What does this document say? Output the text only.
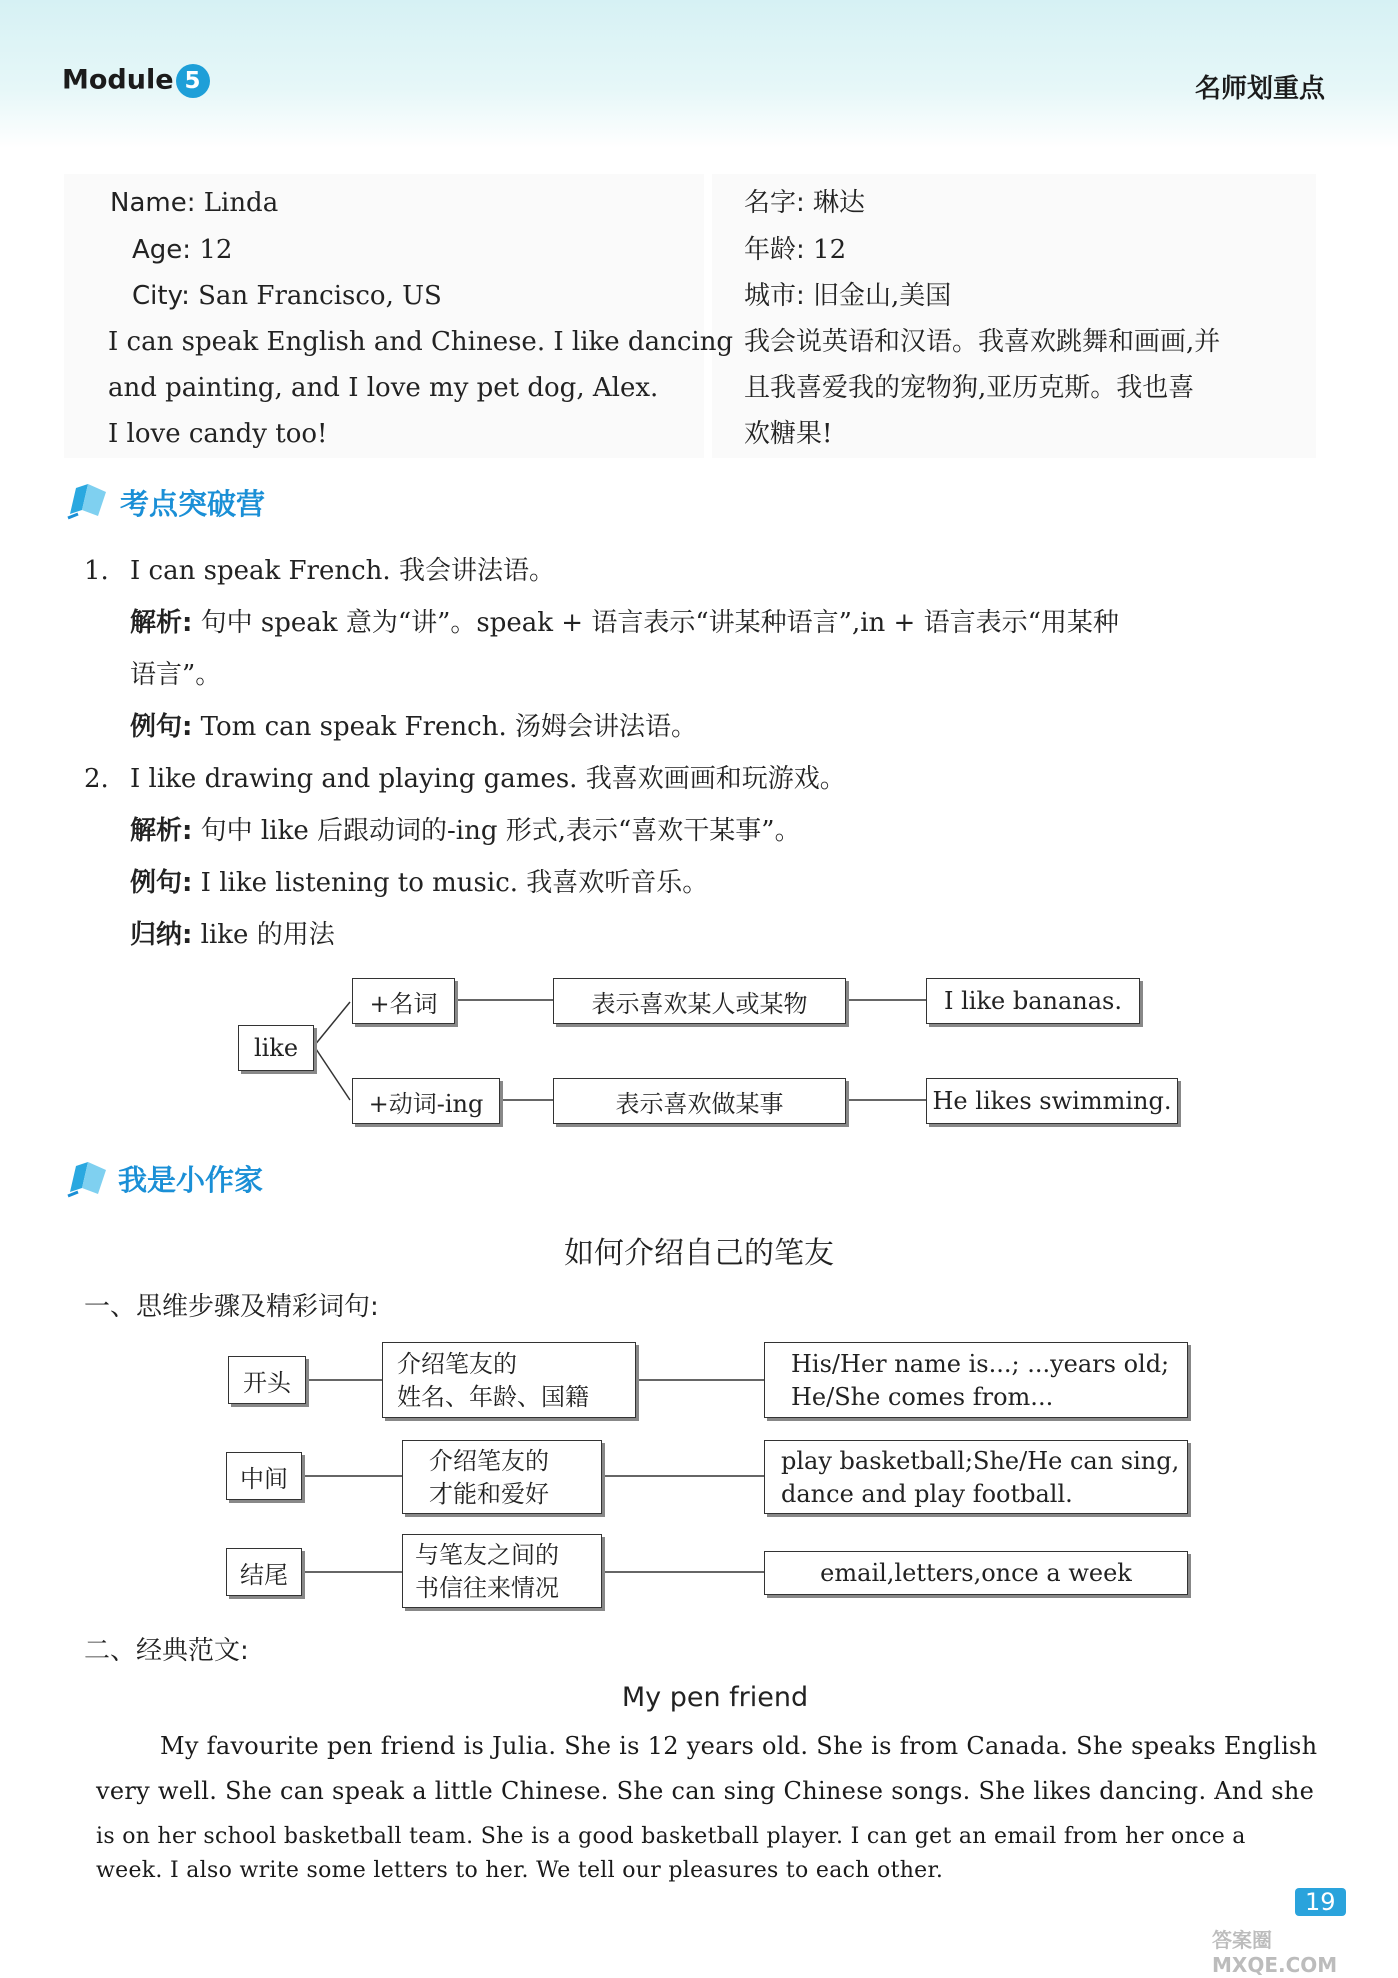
Module 5	名师划重点
Name: Linda
Age: 12
City: San Francisco, US
I can speak English and Chinese. I like dancing
and painting, and I love my pet dog, Alex.
I love candy too!
名字: 琳达
年龄: 12
城市: 旧金山,美国
我会说英语和汉语。我喜欢跳舞和画画,并
且我喜爱我的宠物狗,亚历克斯。我也喜
欢糖果!
考点突破营
1. I can speak French. 我会讲法语。
解析: 句中 speak 意为“讲”。speak + 语言表示“讲某种语言”,in + 语言表示“用某种
语言”。
例句: Tom can speak French. 汤姆会讲法语。
2. I like drawing and playing games. 我喜欢画画和玩游戏。
解析: 句中 like 后跟动词的-ing 形式,表示“喜欢干某事”。
例句: I like listening to music. 我喜欢听音乐。
归纳: like 的用法
like
+名词	表示喜欢某人或某物	I like bananas.
+动词-ing	表示喜欢做某事	He likes swimming.
我是小作家
如何介绍自己的笔友
一、思维步骤及精彩词句:
开头
介绍笔友的
姓名、年龄、国籍
His/Her name is...; ...years old;
He/She comes from...
中间
介绍笔友的
才能和爱好
play basketball;She/He can sing,
dance and play football.
结尾
与笔友之间的
书信往来情况
email,letters,once a week
二、经典范文:
My pen friend
My favourite pen friend is Julia. She is 12 years old. She is from Canada. She speaks English
very well. She can speak a little Chinese. She can sing Chinese songs. She likes dancing. And she
is on her school basketball team. She is a good basketball player. I can get an email from her once a
week. I also write some letters to her. We tell our pleasures to each other.
19
答案圈 MXQE.COM
